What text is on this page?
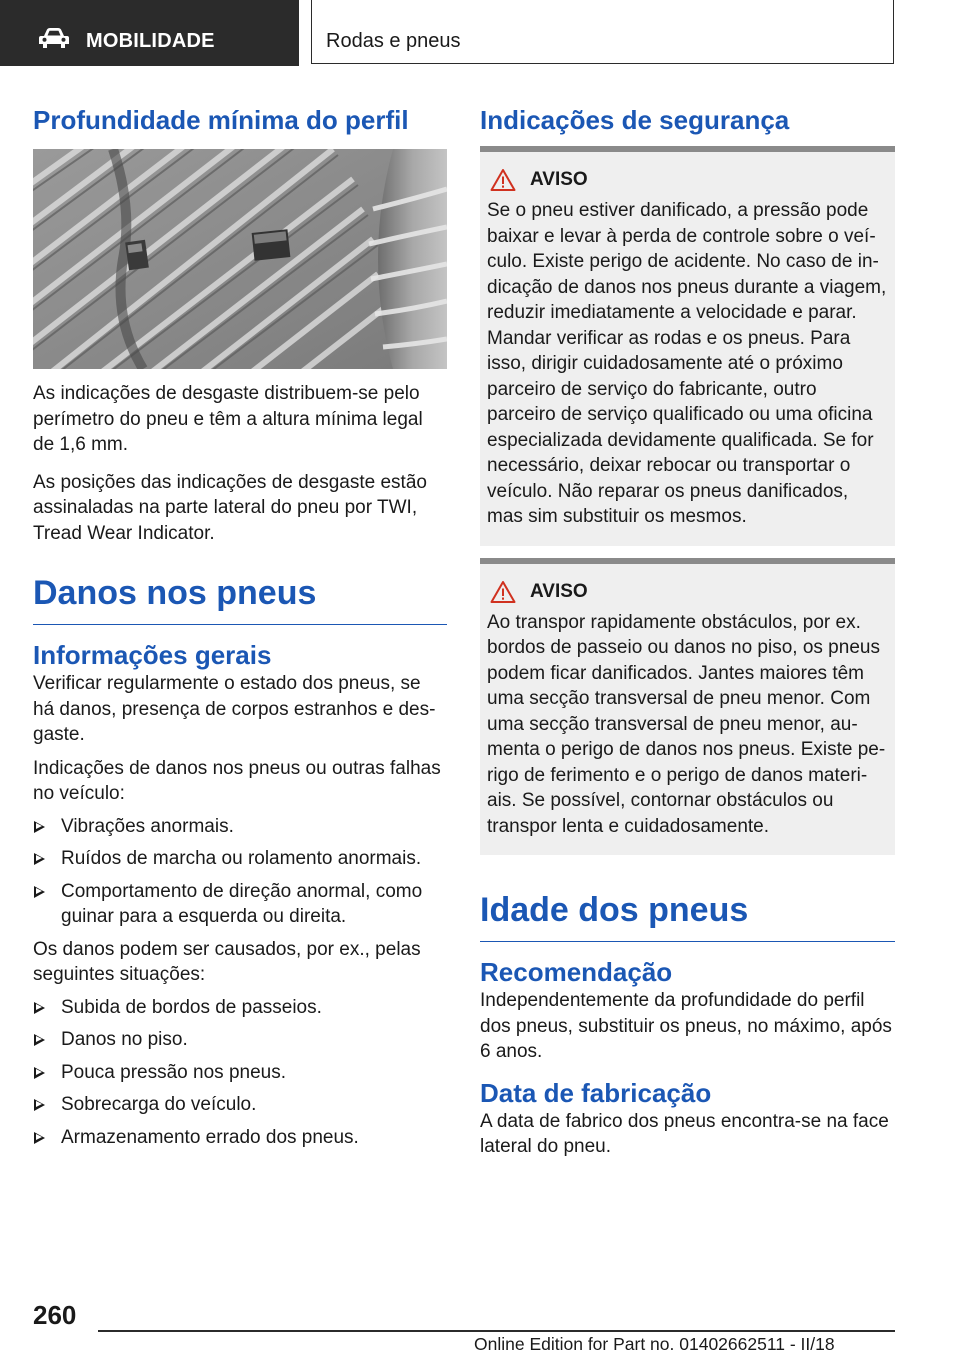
MOBILIDADE	Rodas e pneus
Profundidade mínima do perfil

As indicações de desgaste distribuem-se pelo perímetro do pneu e têm a altura mínima legal de 1,6 mm.

As posições das indicações de desgaste estão assinaladas na parte lateral do pneu por TWI, Tread Wear Indicator.

Danos nos pneus
Informações gerais

Verificar regularmente o estado dos pneus, se há danos, presença de corpos estranhos e desgaste.

Indicações de danos nos pneus ou outras falhas no veículo:

Vibrações anormais.
Ruídos de marcha ou rolamento anormais.
Comportamento de direção anormal, como guinar para a esquerda ou direita.

Os danos podem ser causados, por ex., pelas seguintes situações:

Subida de bordos de passeios.
Danos no piso.
Pouca pressão nos pneus.
Sobrecarga do veículo.
Armazenamento errado dos pneus.
Indicações de segurança
AVISO

Se o pneu estiver danificado, a pressão pode baixar e levar à perda de controle sobre o veículo. Existe perigo de acidente. No caso de indicação de danos nos pneus durante a viagem, reduzir imediatamente a velocidade e parar. Mandar verificar as rodas e os pneus. Para isso, dirigir cuidadosamente até o próximo parceiro de serviço do fabricante, outro parceiro de serviço qualificado ou uma oficina especializada devidamente qualificada. Se for necessário, deixar rebocar ou transportar o veículo. Não reparar os pneus danificados, mas sim substituir os mesmos.

AVISO

Ao transpor rapidamente obstáculos, por ex. bordos de passeio ou danos no piso, os pneus podem ficar danificados. Jantes maiores têm uma secção transversal de pneu menor. Com uma secção transversal de pneu menor, aumenta o perigo de danos nos pneus. Existe perigo de ferimento e o perigo de danos materiais. Se possível, contornar obstáculos ou transpor lenta e cuidadosamente.

Idade dos pneus
Recomendação

Independentemente da profundidade do perfil dos pneus, substituir os pneus, no máximo, após 6 anos.

Data de fabricação

A data de fabrico dos pneus encontra-se na face lateral do pneu.

260
Online Edition for Part no. 01402662511 - II/18
